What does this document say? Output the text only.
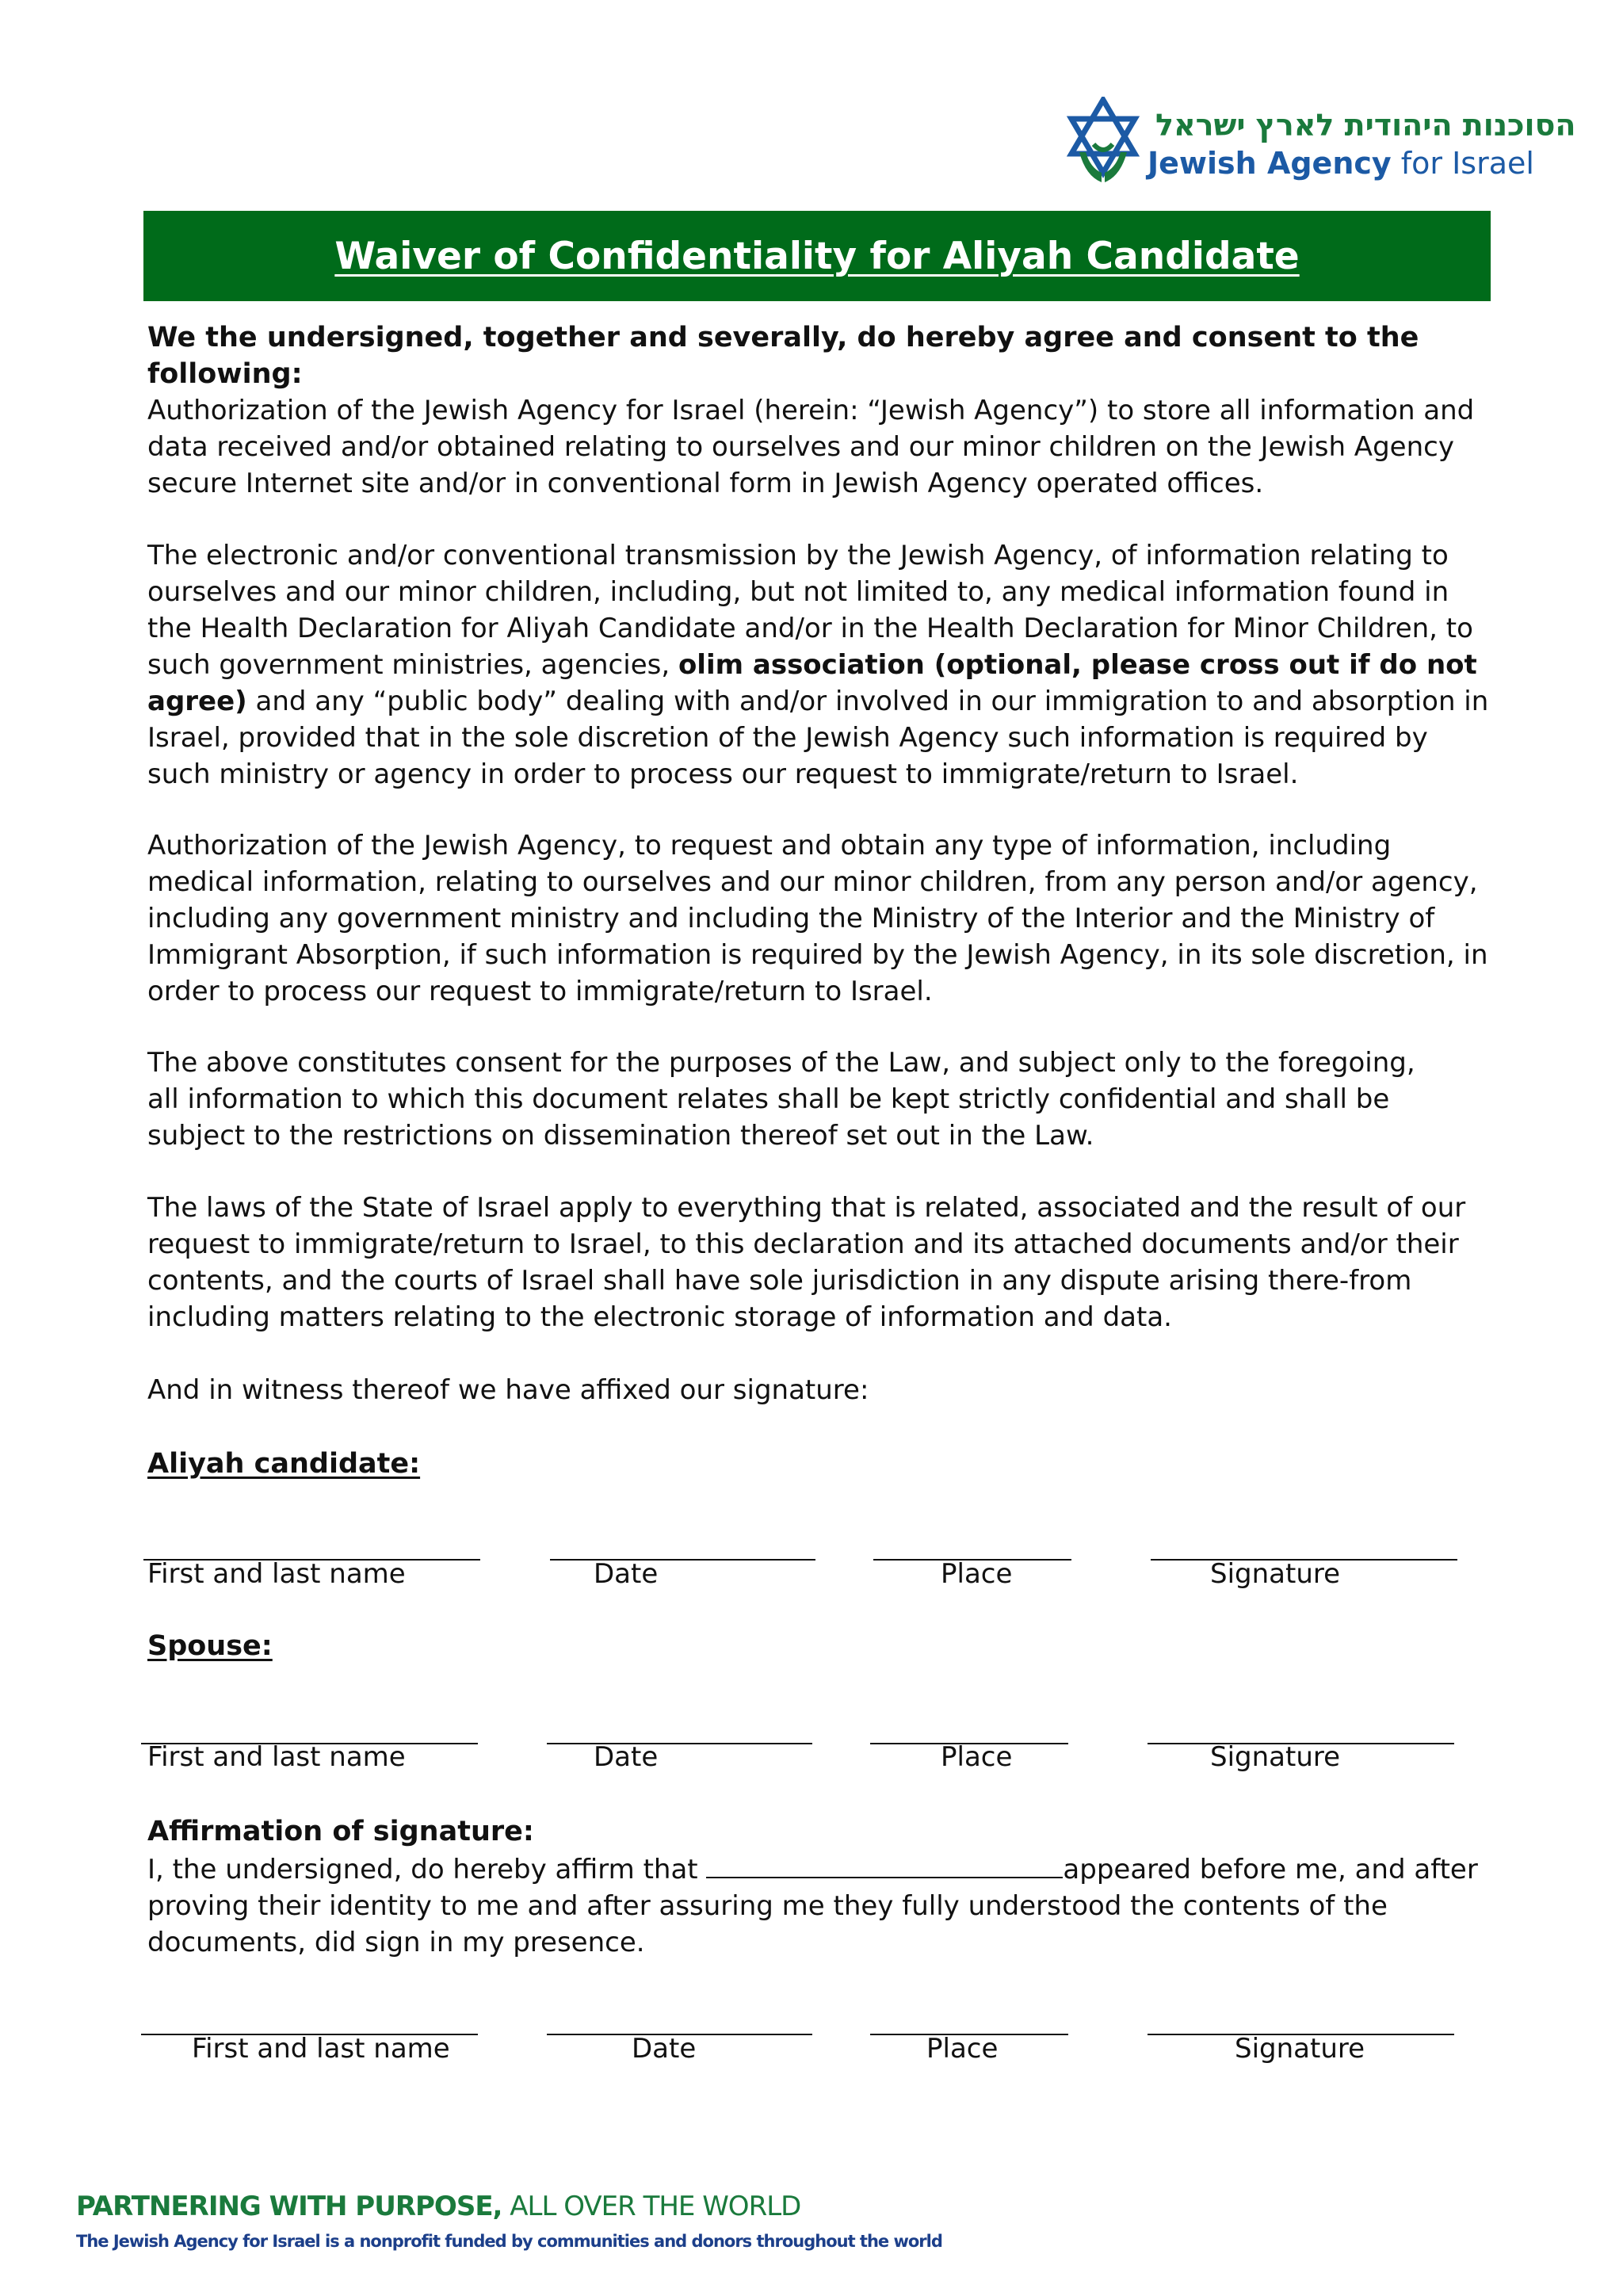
הסוכנות היהודית לארץ ישראל
Jewish Agency for Israel
Waiver of Confidentiality for Aliyah Candidate
We the undersigned, together and severally, do hereby agree and consent to the following:
Authorization of the Jewish Agency for Israel (herein: “Jewish Agency”) to store all information and data received and/or obtained relating to ourselves and our minor children on the Jewish Agency secure Internet site and/or in conventional form in Jewish Agency operated offices.
The electronic and/or conventional transmission by the Jewish Agency, of information relating to ourselves and our minor children, including, but not limited to, any medical information found in the Health Declaration for Aliyah Candidate and/or in the Health Declaration for Minor Children, to such government ministries, agencies, olim association (optional, please cross out if do not agree) and any “public body” dealing with and/or involved in our immigration to and absorption in Israel, provided that in the sole discretion of the Jewish Agency such information is required by such ministry or agency in order to process our request to immigrate/return to Israel.
Authorization of the Jewish Agency, to request and obtain any type of information, including medical information, relating to ourselves and our minor children, from any person and/or agency, including any government ministry and including the Ministry of the Interior and the Ministry of Immigrant Absorption, if such information is required by the Jewish Agency, in its sole discretion, in order to process our request to immigrate/return to Israel.
The above constitutes consent for the purposes of the Law, and subject only to the foregoing,
all information to which this document relates shall be kept strictly confidential and shall be subject to the restrictions on dissemination thereof set out in the Law.
The laws of the State of Israel apply to everything that is related, associated and the result of our request to immigrate/return to Israel, to this declaration and its attached documents and/or their contents, and the courts of Israel shall have sole jurisdiction in any dispute arising there-from including matters relating to the electronic storage of information and data.
And in witness thereof we have affixed our signature:
Aliyah candidate:
First and last name	Date	Place	Signature
Spouse:
First and last name	Date	Place	Signature
Affirmation of signature:
I, the undersigned, do hereby affirm that	appeared before me, and after proving their identity to me and after assuring me they fully understood the contents of the documents, did sign in my presence.
First and last name	Date	Place	Signature
PARTNERING WITH PURPOSE, ALL OVER THE WORLD
The Jewish Agency for Israel is a nonprofit funded by communities and donors throughout the world
